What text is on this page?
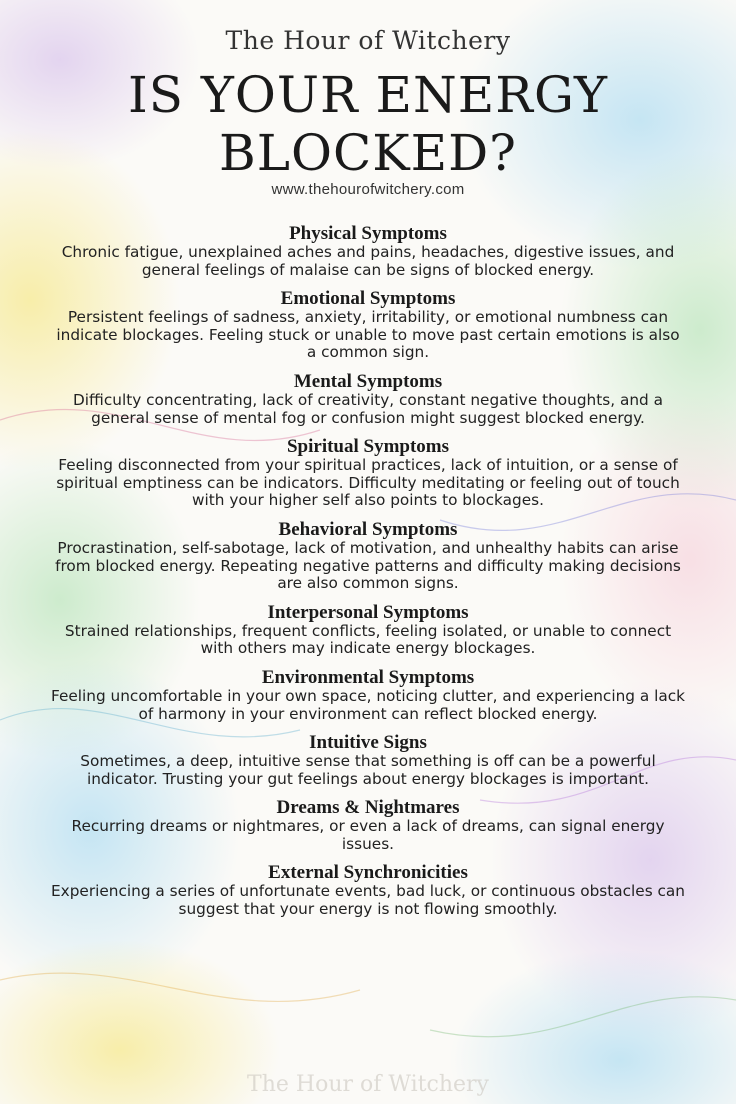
The Hour of Witchery
IS YOUR ENERGY
BLOCKED?
www.thehourofwitchery.com
Physical Symptoms

Chronic fatigue, unexplained aches and pains, headaches, digestive issues, and general feelings of malaise can be signs of blocked energy.

Emotional Symptoms

Persistent feelings of sadness, anxiety, irritability, or emotional numbness can indicate blockages. Feeling stuck or unable to move past certain emotions is also a common sign.

Mental Symptoms

Difficulty concentrating, lack of creativity, constant negative thoughts, and a general sense of mental fog or confusion might suggest blocked energy.

Spiritual Symptoms

Feeling disconnected from your spiritual practices, lack of intuition, or a sense of spiritual emptiness can be indicators. Difficulty meditating or feeling out of touch with your higher self also points to blockages.

Behavioral Symptoms

Procrastination, self-sabotage, lack of motivation, and unhealthy habits can arise from blocked energy. Repeating negative patterns and difficulty making decisions are also common signs.

Interpersonal Symptoms

Strained relationships, frequent conflicts, feeling isolated, or unable to connect with others may indicate energy blockages.

Environmental Symptoms

Feeling uncomfortable in your own space, noticing clutter, and experiencing a lack of harmony in your environment can reflect blocked energy.

Intuitive Signs

Sometimes, a deep, intuitive sense that something is off can be a powerful indicator. Trusting your gut feelings about energy blockages is important.

Dreams & Nightmares

Recurring dreams or nightmares, or even a lack of dreams, can signal energy issues.

External Synchronicities

Experiencing a series of unfortunate events, bad luck, or continuous obstacles can suggest that your energy is not flowing smoothly.

The Hour of Witchery
